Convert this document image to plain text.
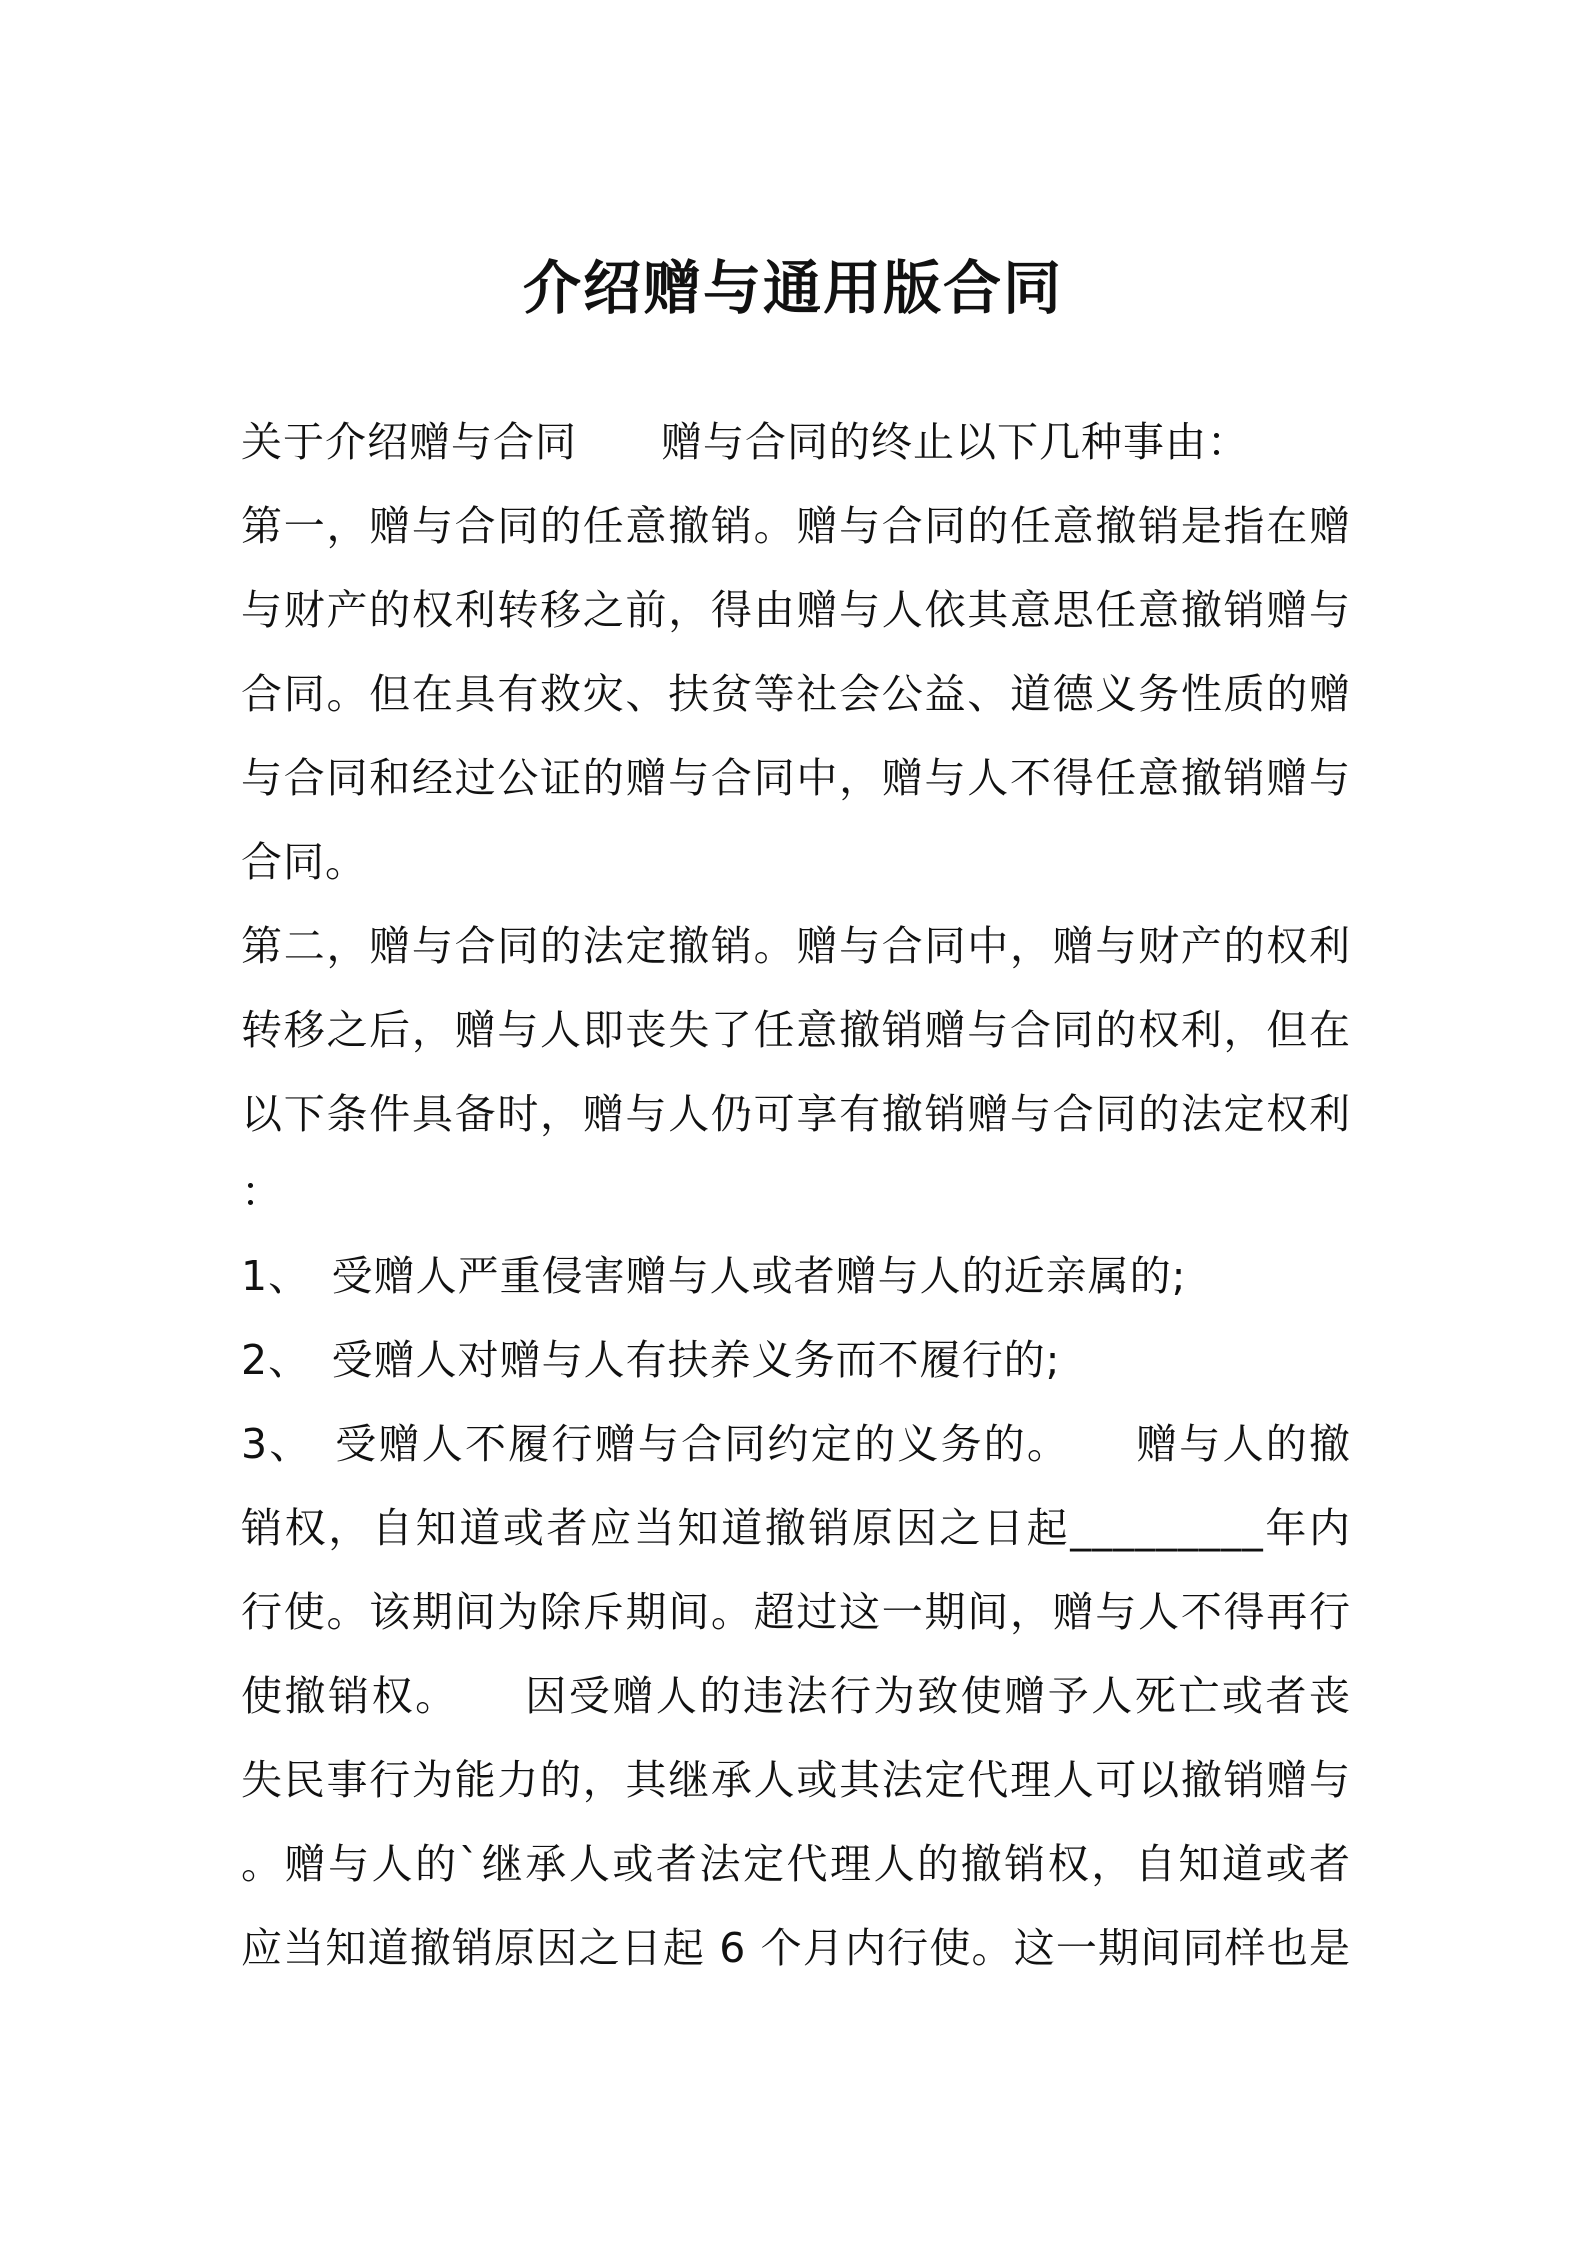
介绍赠与通用版合同
关于介绍赠与合同　　赠与合同的终止以下几种事由：
第一，赠与合同的任意撤销。赠与合同的任意撤销是指在赠
与财产的权利转移之前，得由赠与人依其意思任意撤销赠与
合同。但在具有救灾、扶贫等社会公益、道德义务性质的赠
与合同和经过公证的赠与合同中，赠与人不得任意撤销赠与
合同。
第二，赠与合同的法定撤销。赠与合同中，赠与财产的权利
转移之后，赠与人即丧失了任意撤销赠与合同的权利，但在
以下条件具备时，赠与人仍可享有撤销赠与合同的法定权利
：
1、　受赠人严重侵害赠与人或者赠与人的近亲属的;
2、　受赠人对赠与人有扶养义务而不履行的;
3、　受赠人不履行赠与合同约定的义务的。　　赠与人的撤
销权，自知道或者应当知道撤销原因之日起_________年内
行使。该期间为除斥期间。超过这一期间，赠与人不得再行
使撤销权。　　因受赠人的违法行为致使赠予人死亡或者丧
失民事行为能力的，其继承人或其法定代理人可以撤销赠与
。赠与人的`继承人或者法定代理人的撤销权，自知道或者
应当知道撤销原因之日起 6 个月内行使。这一期间同样也是
